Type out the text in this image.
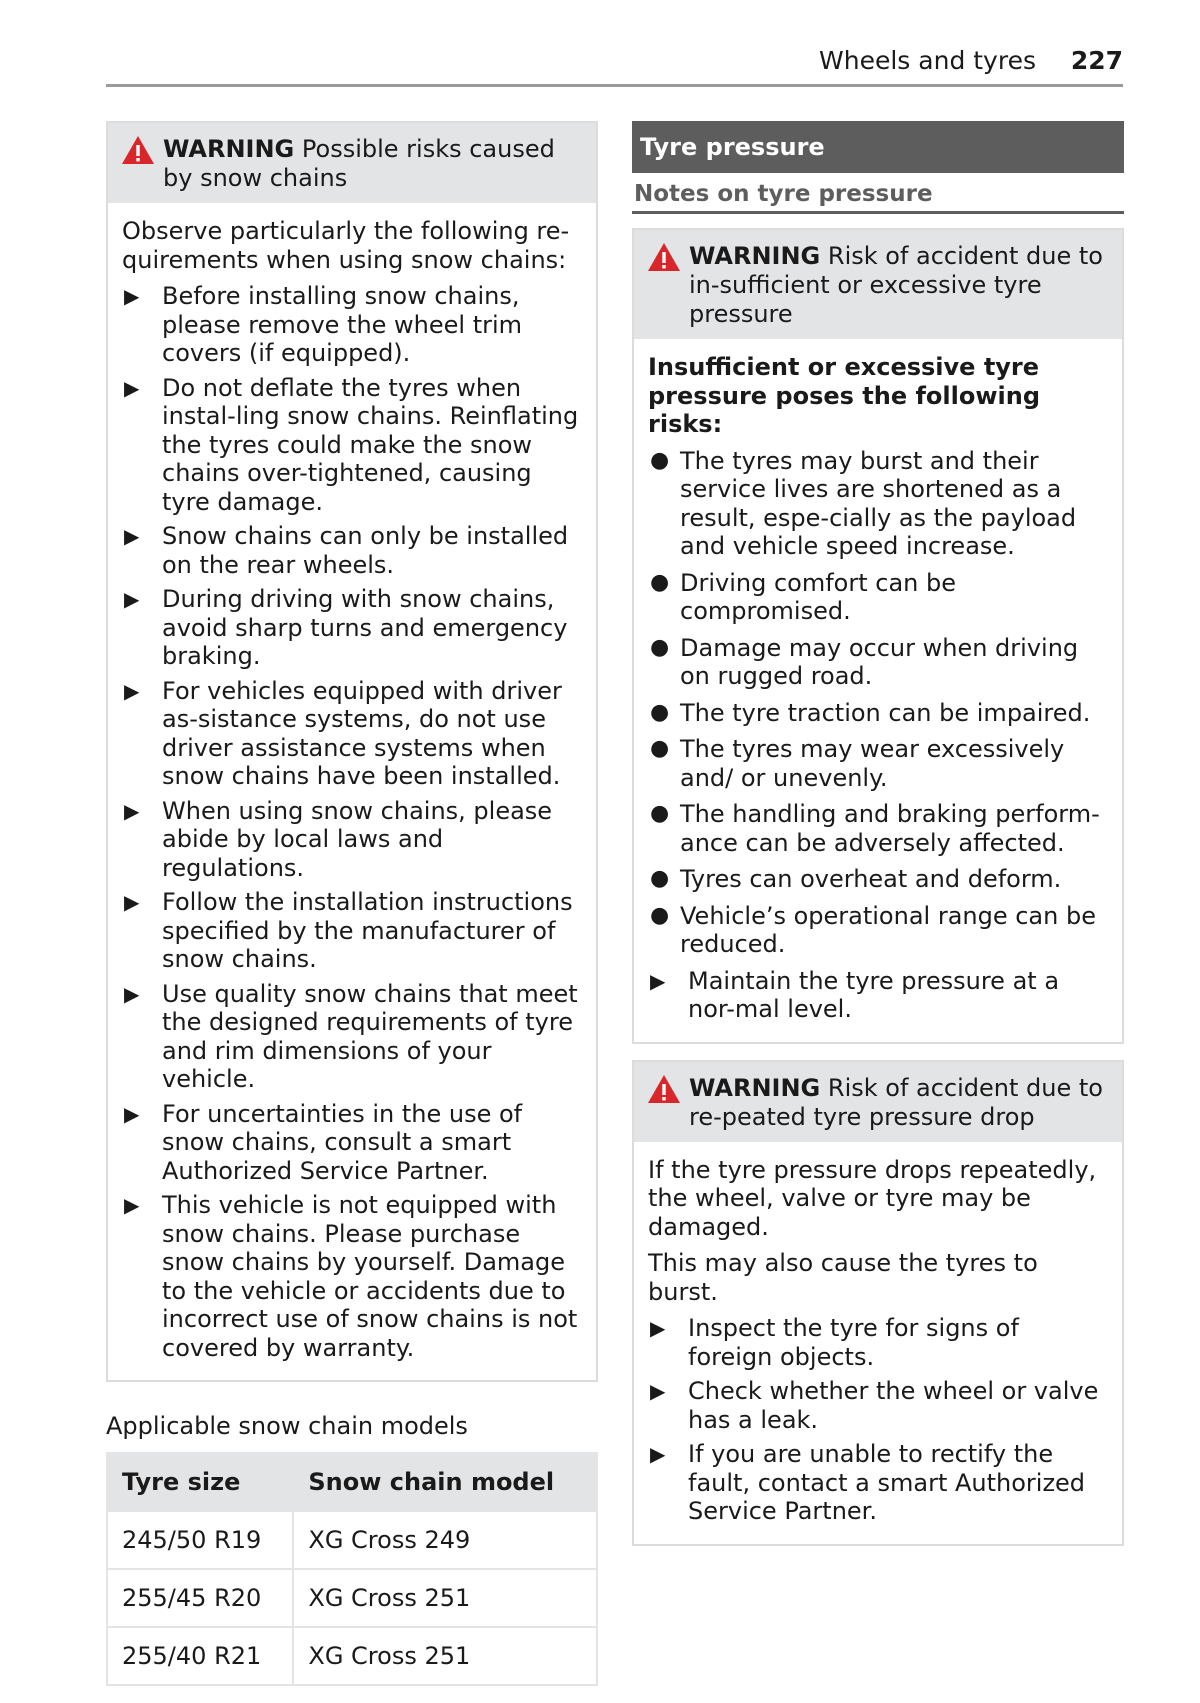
Wheels and tyres 227
WARNING Possible risks caused by snow chains

Observe particularly the following re-quirements when using snow chains:

▶ Before installing snow chains, please remove the wheel trim covers (if equipped).
▶ Do not deflate the tyres when instal-ling snow chains. Reinflating the tyres could make the snow chains over-tightened, causing tyre damage.
▶ Snow chains can only be installed on the rear wheels.
▶ During driving with snow chains, avoid sharp turns and emergency braking.
▶ For vehicles equipped with driver as-sistance systems, do not use driver assistance systems when snow chains have been installed.
▶ When using snow chains, please abide by local laws and regulations.
▶ Follow the installation instructions specified by the manufacturer of snow chains.
▶ Use quality snow chains that meet the designed requirements of tyre and rim dimensions of your vehicle.
▶ For uncertainties in the use of snow chains, consult a smart Authorized Service Partner.
▶ This vehicle is not equipped with snow chains. Please purchase snow chains by yourself. Damage to the vehicle or accidents due to incorrect use of snow chains is not covered by warranty.
Applicable snow chain models
Tyre size	Snow chain model
245/50 R19	XG Cross 249
255/45 R20	XG Cross 251
255/40 R21	XG Cross 251
Tyre pressure
Notes on tyre pressure
WARNING Risk of accident due to in-sufficient or excessive tyre pressure

Insufficient or excessive tyre pressure poses the following risks:

● The tyres may burst and their service lives are shortened as a result, espe-cially as the payload and vehicle speed increase.
● Driving comfort can be compromised.
● Damage may occur when driving on rugged road.
● The tyre traction can be impaired.
● The tyres may wear excessively and/ or unevenly.
● The handling and braking perform-ance can be adversely affected.
● Tyres can overheat and deform.
● Vehicle’s operational range can be reduced.
▶ Maintain the tyre pressure at a nor-mal level.
WARNING Risk of accident due to re-peated tyre pressure drop

If the tyre pressure drops repeatedly, the wheel, valve or tyre may be damaged.

This may also cause the tyres to burst.

▶ Inspect the tyre for signs of foreign objects.
▶ Check whether the wheel or valve has a leak.
▶ If you are unable to rectify the fault, contact a smart Authorized Service Partner.
